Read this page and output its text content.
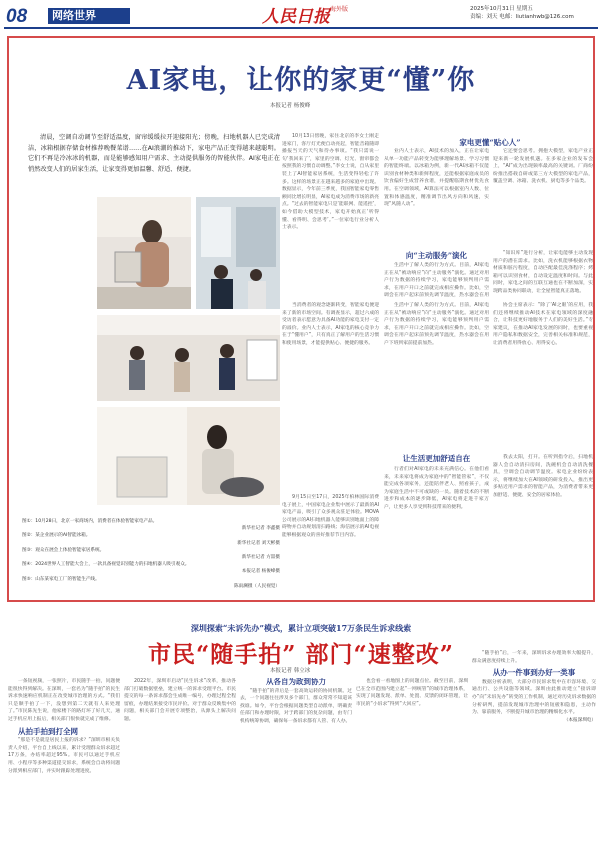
08	网络世界	人民日报 海外版	2025年10月31日 星期五
责编：刘天 电邮：liutianhwb@126.com
AI家电，让你的家更“懂”你
本报记者 杨俊峰
清晨，空调自动调节至舒适温度，窗帘缓缓拉开迎接阳光；傍晚，扫地机器人已完成清洁，冰箱根据存储食材推荐晚餐菜谱……在AI浪潮的推动下，家电产品正变得越来越聪明。它们不再是冷冰冰的机器，而是能够感知用户需求、主动提供服务的智能伙伴。AI家电正在悄然改变人们的居家生活，让家变得更加温馨、舒适、便捷。
图①：10月28日，北京一家商场内，消费者在体验智能家电产品。
新华社记者 李鑫摄
图②：某企业展示的AI智能冰箱。
新华社记者 刘天彬摄
图③：观众在展会上体验智能家居系统。
新华社记者 方喆摄
图④：2024世界人工智能大会上，一款具备视觉识别能力的扫地机器人吸引观众。
本报记者 杨俊峰摄
图⑤：山东某家电工厂的智能生产线。
陈雨澜摄（人民视觉）

10月13日傍晚，家住北京的李女士刚走进家门，客厅灯光便自动亮起，智能音箱随即播报当天的天气和待办事项。“我只需说一句‘我回来了’，家里的空调、灯光、窗帘都会按照我的习惯自动调整。”李女士说，自从家里装上了AI智能家居系统，生活变得轻松了许多。这样的场景正在越来越多的家庭中出现。数据显示，今年前三季度，我国智能家电零售额同比增长明显，AI家电成为消费市场的新亮点。“过去的智能家电只是‘能联网、能遥控’，如今借助大模型技术，家电开始真正‘听得懂、看得明、会思考’。”一位家电行业分析人士表示。

家电更懂“贴心人”

业内人士表示，AI技术的加入，正在让家电从单一功能产品转变为能够理解场景、学习习惯的智能终端。以冰箱为例，新一代AI冰箱不仅能识别食材种类和新鲜程度，还能根据家庭成员的饮食偏好生成营养食谱，并提醒临期食材优先食用。在空调领域，AI算法可以根据室内人数、位置和体感温度，精准调节出风方向和风速，实现“风随人动”。

它还要会思考。拥抱大模型，家电产业正迎来新一轮发展机遇。在多家企业的发布会上，“AI”成为出现频率最高的关键词。厂商纷纷推出搭载自研或第三方大模型的家电产品，覆盖空调、冰箱、洗衣机、厨电等多个品类。

向“主动服务”演化

生活中了解人类的行为方式。目前，AI家电正在从“被动响应”向“主动服务”演化。通过对用户行为数据的持续学习，家电能够预判用户需求，在用户开口之前就完成相应操作。比如，空调会在用户起床前预先调节温度，热水器会在用

“知识库”进行分析，让家电能够主动发现用户的潜在需求。比如，洗衣机能够根据衣物材质和脏污程度，自动匹配最佳洗涤程序；烤箱可以识别食材，自动设定温度和时间。与此同时，家电之间的互联互通也在不断加深，实现跨品类协同联动，让全屋智能真正落地。

当消费者的观念逐渐转变，智能家电便迎来了新的市场空间。有调查显示，超过六成的受访者表示愿意为具备AI功能的家电支付一定的溢价。业内人士表示，AI家电的核心竞争力在于“懂用户”，只有真正了解用户的生活习惯和使用场景，才能提供贴心、便捷的服务。

生活中了解人类的行为方式。目前，AI家电正在从“被动响应”向“主动服务”演化。通过对用户行为数据的持续学习，家电能够预判用户需求，在用户开口之前就完成相应操作。比如，空调会在用户起床前预先调节温度，热水器会在用户下班到家前提前加热。

协会主席表示：“除了‘AI之眼’的应用，我们还将继续推动AI技术在家电领域的深度融合，让科技更好地服务于人们的美好生活。”专家建议，在推动AI家电发展的同时，也要重视用户隐私和数据安全，完善相关标准和规范，让消费者用得放心、用得安心。

让生活更加舒适自在

9月15日至17日，2025年柏林国际消费电子展上，中国家电企业集中展示了最新的AI家电产品，吸引了众多观众驻足体验。MOVA公司展示的AI扫地机器人能够识别地面上的障碍物并自动规划清扫路线；海信展示的AI电视能够根据观众的喜好推荐节目内容。

行者们对AI家电的未来充满信心。在他们看来，未来家电将成为家庭中的“智能管家”，不仅能完成各项家务，还能陪伴老人、照看孩子，成为家庭生活中不可或缺的一员。随着技术的不断进步和成本的逐步降低，AI家电将走进千家万户，让更多人享受到科技带来的便利。

我去太阳，打开。在听到指令后，扫地机器人会自动清扫房间，洗碗机会自动清洗餐具，空调会自动调节温度。家电企业纷纷表示，将继续加大在AI领域的研发投入，推出更多贴近用户需求的智能产品，为消费者带来更加舒适、便捷、安全的居家体验。

深圳探索“未诉先办”模式，累计立项突破17万条民生诉求线索
市民“随手拍” 部门“速整改”
本报记者 韩立冰

一条短视频，一张照片，市民随手一拍，问题便能很快得到解决。在深圳，一套名为“随手拍”的民生诉求快速响应机制正在改变城市治理的方式。“我们只是顺手拍了一下，没想到第二天就有人来处理了。”市民陈先生说，他家楼下的路灯坏了好几天，通过手机应用上报后，相关部门很快就完成了维修。

从拍手拍到打全网

“那是不是就是居民上报的诉求？”深圳市相关负责人介绍，平台自上线以来，累计受理群众诉求超过17万条，办结率超过95%。市民可以通过手机应用、小程序等多种渠道提交诉求，系统会自动将问题分派到相应部门，并实时跟踪处理进度。

2022年，深圳市启动“民生诉求”改革，推动各部门打破数据壁垒，建立统一的诉求受理平台。市民提交的每一条诉求都会生成唯一编号，办理过程全程留痕，办理结果接受市民评价。对于群众反映集中的问题，相关部门会开展专项整治，从源头上解决问题。

从各自为政到协力

“随手拍”的背后是一套高效运转的协同机制。过去，一个问题往往涉及多个部门，群众常常不知道该找谁。如今，平台会根据问题类型自动派单，明确责任部门和办理时限，对于跨部门的复杂问题，由专门机构统筹协调，确保每一条诉求都有人管、有人办。

也会看一看地图上的问题点位。截至目前，深圳已在全市范围内建立起“一网统管”的城市治理体系，实现了问题发现、派单、处置、反馈的闭环管理，让市民的“小诉求”得到“大回应”。

“随手拍”后，一年来，深圳诉求办理效率大幅提升，群众满意度持续上升。

从办一件事到办好一类事

数据分析表明，大部分市民诉求集中在市容环境、交通出行、公共设施等领域。深圳由此推动建立“接诉即办”向“未诉先办”转变的工作机制，通过对历史诉求数据的分析研判，提前发现城市治理中的短板和隐患，主动作为、靠前服务，不断提升城市治理的精细化水平。

（本报深圳电）
